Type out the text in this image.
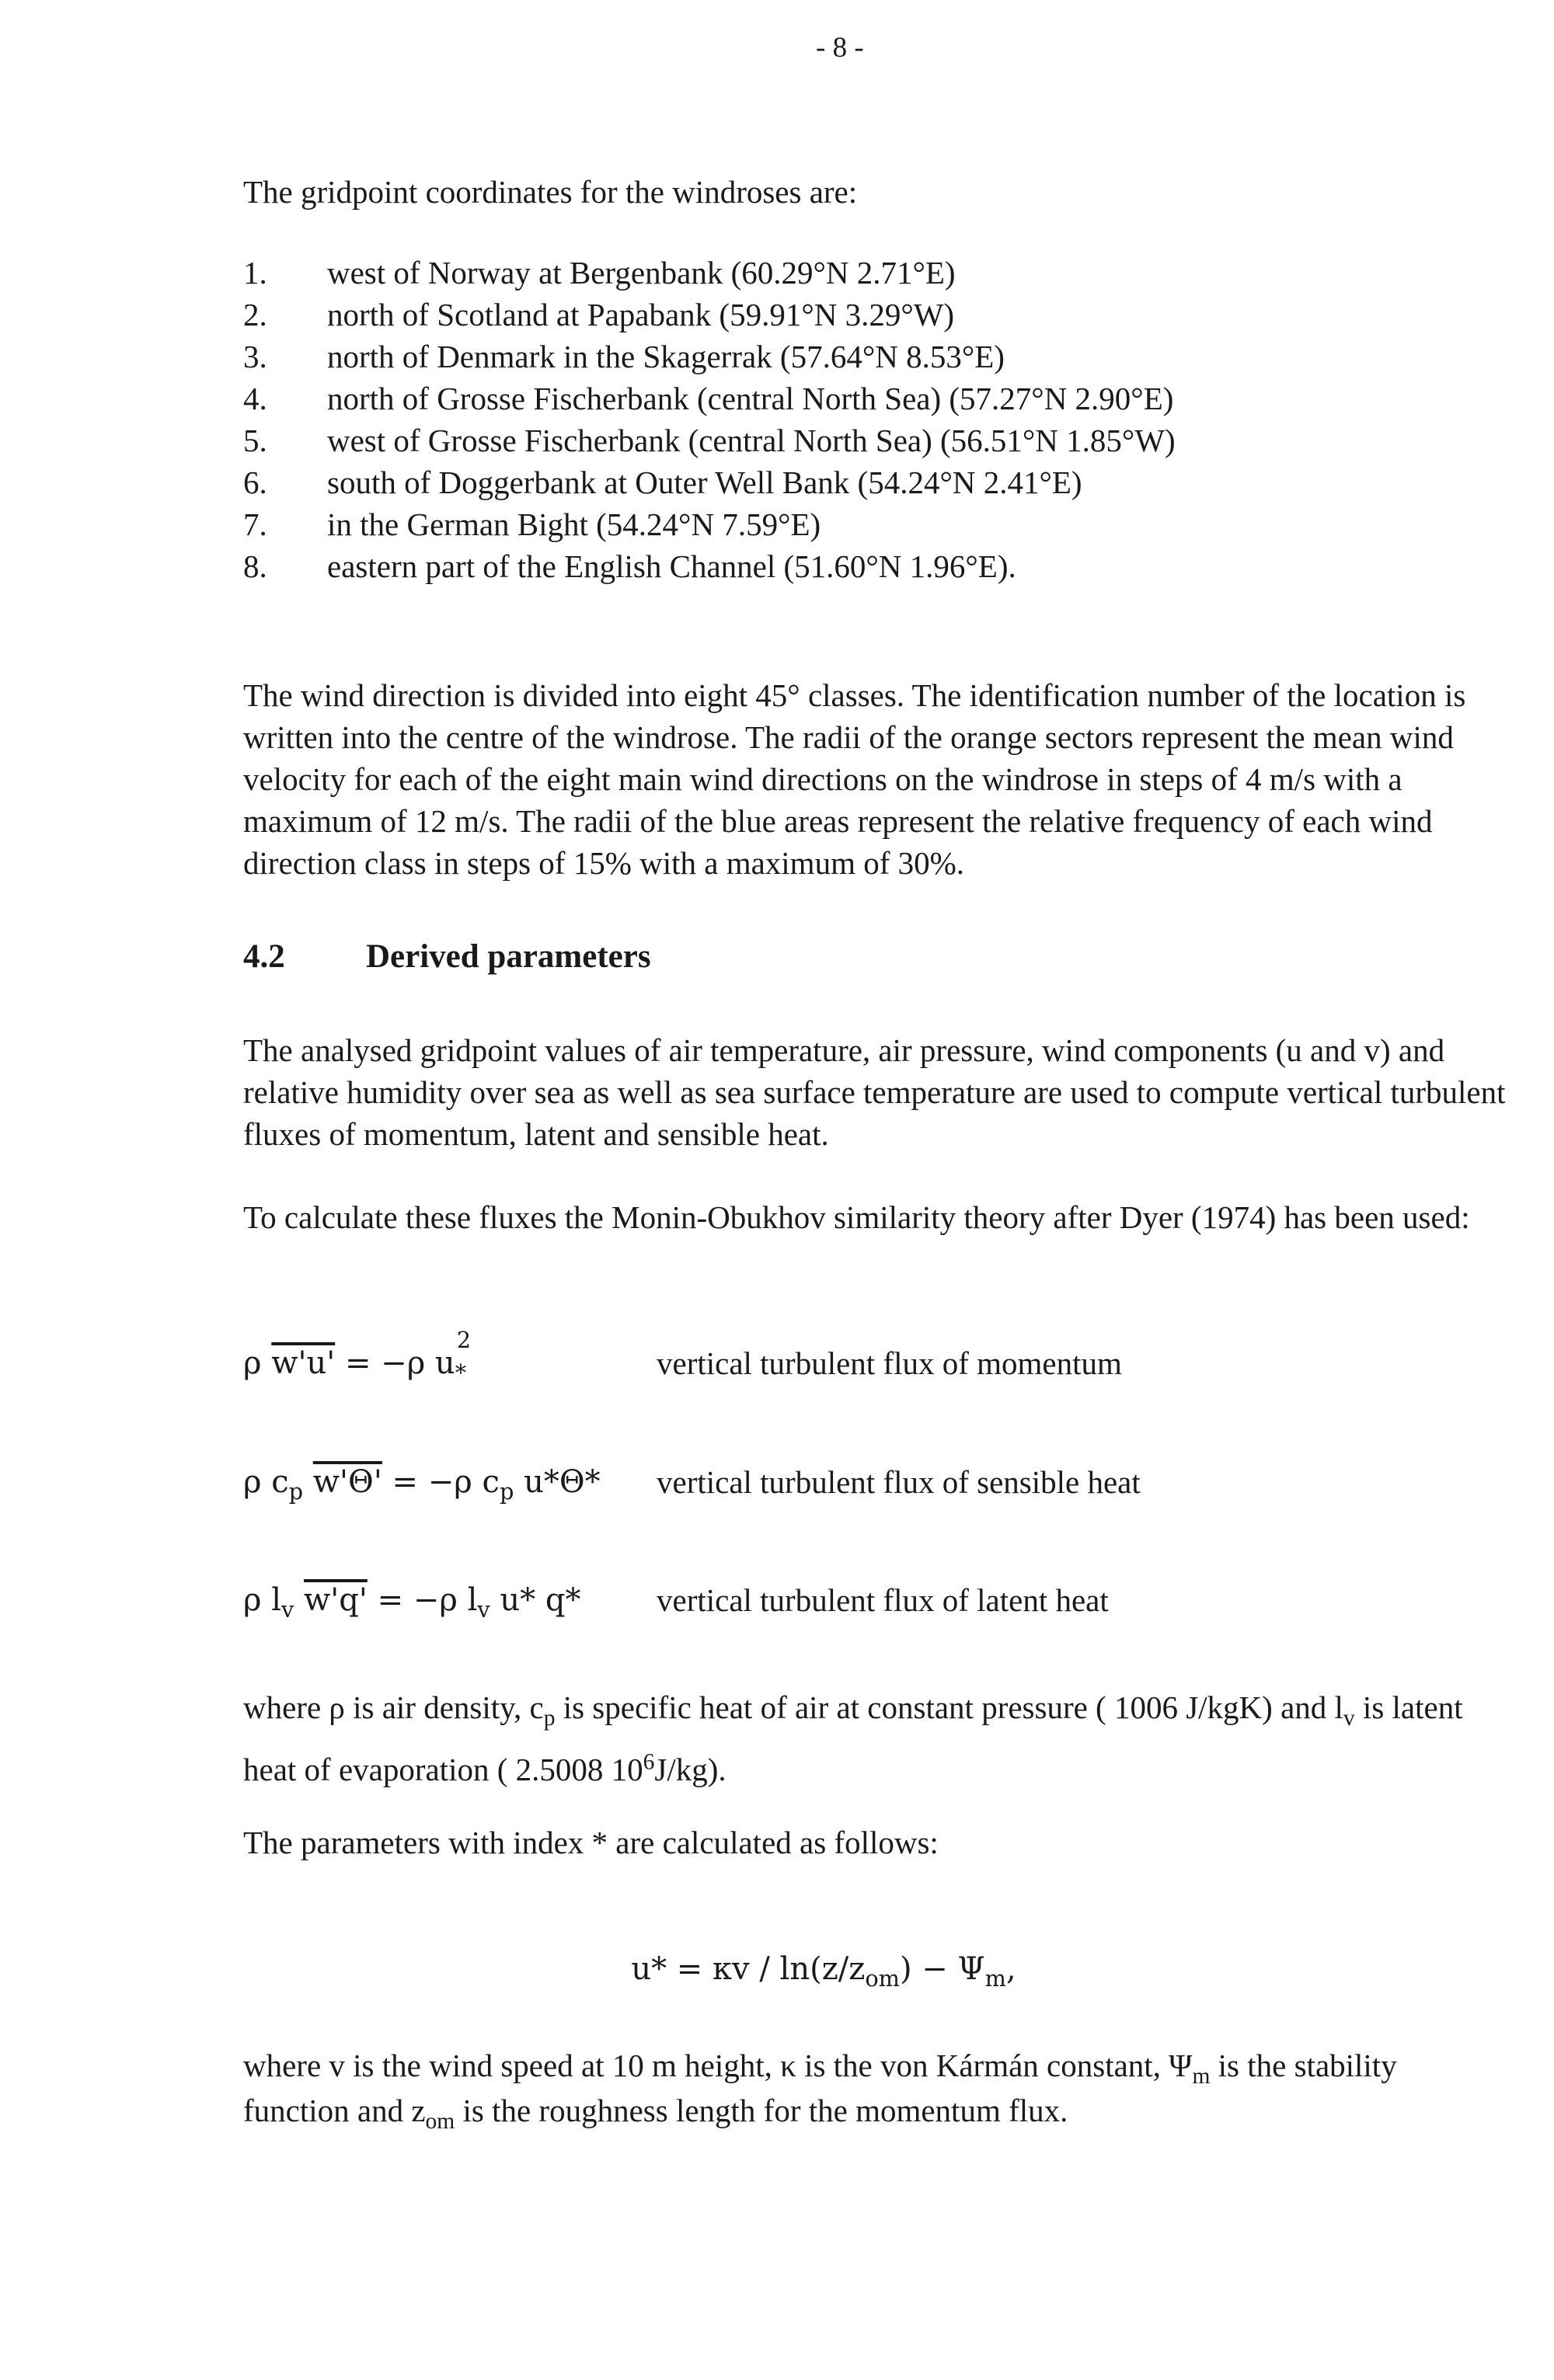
- 8 -

The gridpoint coordinates for the windroses are:

1. west of Norway at Bergenbank (60.29°N 2.71°E)
2. north of Scotland at Papabank (59.91°N 3.29°W)
3. north of Denmark in the Skagerrak (57.64°N 8.53°E)
4. north of Grosse Fischerbank (central North Sea) (57.27°N 2.90°E)
5. west of Grosse Fischerbank (central North Sea) (56.51°N 1.85°W)
6. south of Doggerbank at Outer Well Bank (54.24°N 2.41°E)
7. in the German Bight (54.24°N 7.59°E)
8. eastern part of the English Channel (51.60°N 1.96°E).

The wind direction is divided into eight 45° classes. The identification number of the location is written into the centre of the windrose. The radii of the orange sectors represent the mean wind velocity for each of the eight main wind directions on the windrose in steps of 4 m/s with a maximum of 12 m/s. The radii of the blue areas represent the relative frequency of each wind direction class in steps of 15% with a maximum of 30%.

4.2 Derived parameters

The analysed gridpoint values of air temperature, air pressure, wind components (u and v) and relative humidity over sea as well as sea surface temperature are used to compute vertical turbulent fluxes of momentum, latent and sensible heat.

To calculate these fluxes the Monin-Obukhov similarity theory after Dyer (1974) has been used:

ρ w'u' = −ρ u
2
$_*$	vertical turbulent flux of momentum
ρ $c_p$ w'Θ' = −ρ $c_p$ u*Θ* vertical turbulent flux of sensible heat
ρ $l_v$ w'q' = −ρ $l_v$ u* q* vertical turbulent flux of latent heat

where ρ is air density, $c_p$ is specific heat of air at constant pressure ( 1006 J/kgK) and $l_v$ is latent heat of evaporation ( 2.5008 $10^6J/kg$).

The parameters with index * are calculated as follows:

$u* = \kappa v / \ln(z/z_{om}) - \Psi_m$,

where v is the wind speed at 10 m height, κ is the von Kármán constant, $\Psi_m$ is the stability function and $z_{om}$ is the roughness length for the momentum flux.
